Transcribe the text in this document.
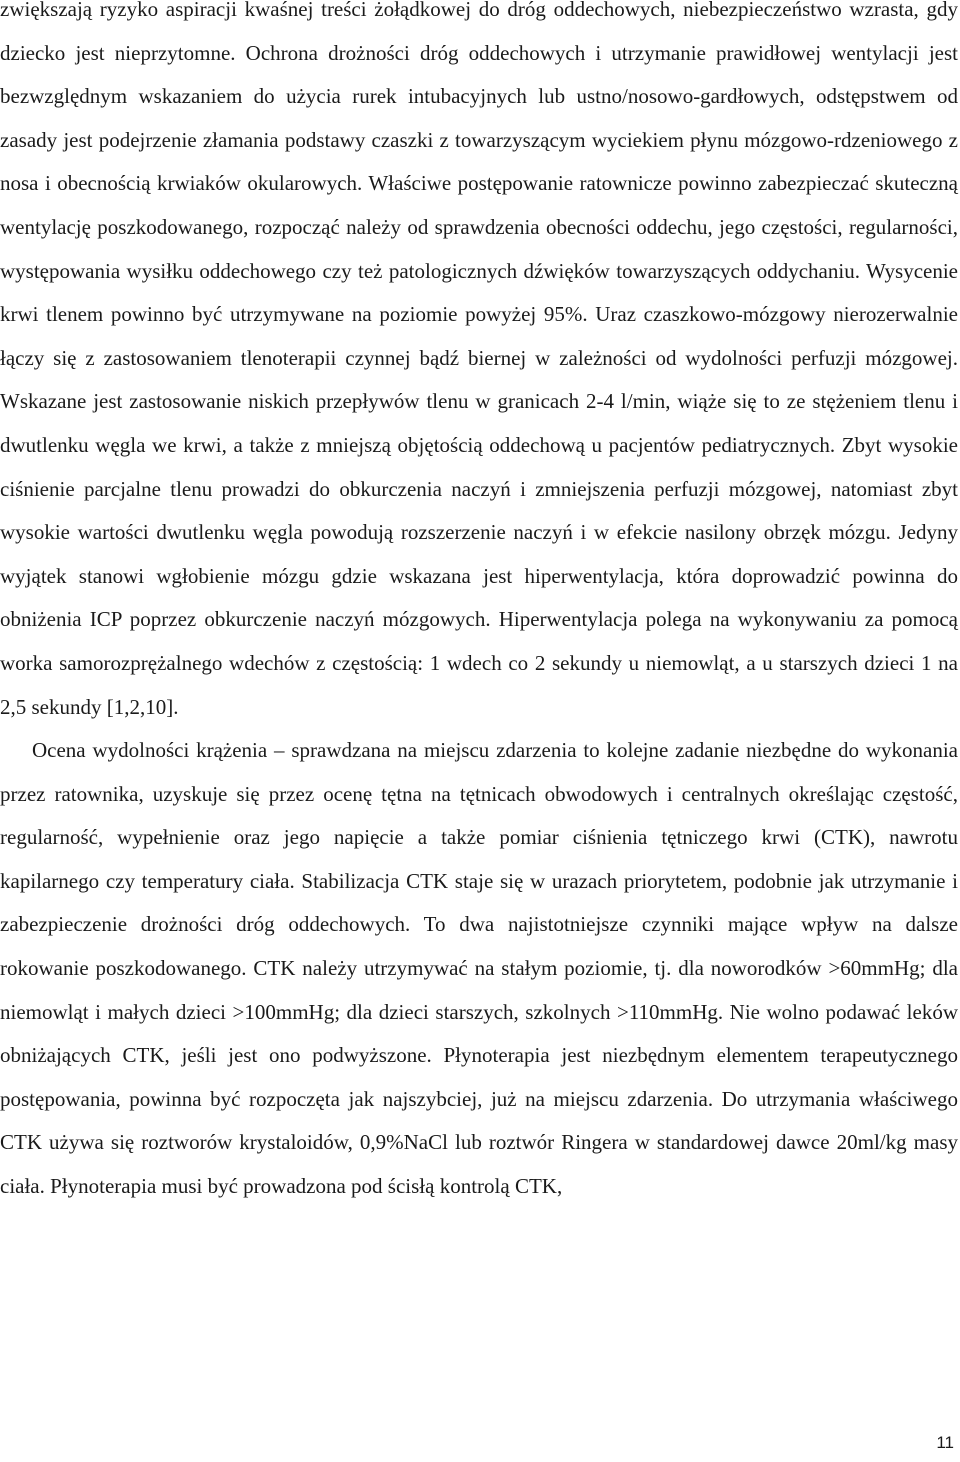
zwiększają ryzyko aspiracji kwaśnej treści żołądkowej do dróg oddechowych, niebezpieczeństwo wzrasta, gdy dziecko jest nieprzytomne. Ochrona drożności dróg oddechowych i utrzymanie prawidłowej wentylacji jest bezwzględnym wskazaniem do użycia rurek intubacyjnych lub ustno/nosowo-gardłowych, odstępstwem od zasady jest podejrzenie złamania podstawy czaszki z towarzyszącym wyciekiem płynu mózgowo-rdzeniowego z nosa i obecnością krwiaków okularowych. Właściwe postępowanie ratownicze powinno zabezpieczać skuteczną wentylację poszkodowanego, rozpocząć należy od sprawdzenia obecności oddechu, jego częstości, regularności, występowania wysiłku oddechowego czy też patologicznych dźwięków towarzyszących oddychaniu. Wysycenie krwi tlenem powinno być utrzymywane na poziomie powyżej 95%. Uraz czaszkowo-mózgowy nierozerwalnie łączy się z zastosowaniem tlenoterapii czynnej bądź biernej w zależności od wydolności perfuzji mózgowej. Wskazane jest zastosowanie niskich przepływów tlenu w granicach 2-4 l/min, wiąże się to ze stężeniem tlenu i dwutlenku węgla we krwi, a także z mniejszą objętością oddechową u pacjentów pediatrycznych. Zbyt wysokie ciśnienie parcjalne tlenu prowadzi do obkurczenia naczyń i zmniejszenia perfuzji mózgowej, natomiast zbyt wysokie wartości dwutlenku węgla powodują rozszerzenie naczyń i w efekcie nasilony obrzęk mózgu. Jedyny wyjątek stanowi wgłobienie mózgu gdzie wskazana jest hiperwentylacja, która doprowadzić powinna do obniżenia ICP poprzez obkurczenie naczyń mózgowych. Hiperwentylacja polega na wykonywaniu za pomocą worka samorozprężalnego wdechów z częstością: 1 wdech co 2 sekundy u niemowląt, a u starszych dzieci 1 na 2,5 sekundy [1,2,10].

Ocena wydolności krążenia – sprawdzana na miejscu zdarzenia to kolejne zadanie niezbędne do wykonania przez ratownika, uzyskuje się przez ocenę tętna na tętnicach obwodowych i centralnych określając częstość, regularność, wypełnienie oraz jego napięcie a także pomiar ciśnienia tętniczego krwi (CTK), nawrotu kapilarnego czy temperatury ciała. Stabilizacja CTK staje się w urazach priorytetem, podobnie jak utrzymanie i zabezpieczenie drożności dróg oddechowych. To dwa najistotniejsze czynniki mające wpływ na dalsze rokowanie poszkodowanego. CTK należy utrzymywać na stałym poziomie, tj. dla noworodków >60mmHg; dla niemowląt i małych dzieci >100mmHg; dla dzieci starszych, szkolnych >110mmHg. Nie wolno podawać leków obniżających CTK, jeśli jest ono podwyższone. Płynoterapia jest niezbędnym elementem terapeutycznego postępowania, powinna być rozpoczęta jak najszybciej, już na miejscu zdarzenia. Do utrzymania właściwego CTK używa się roztworów krystaloidów, 0,9%NaCl lub roztwór Ringera w standardowej dawce 20ml/kg masy ciała. Płynoterapia musi być prowadzona pod ścisłą kontrolą CTK,

11
